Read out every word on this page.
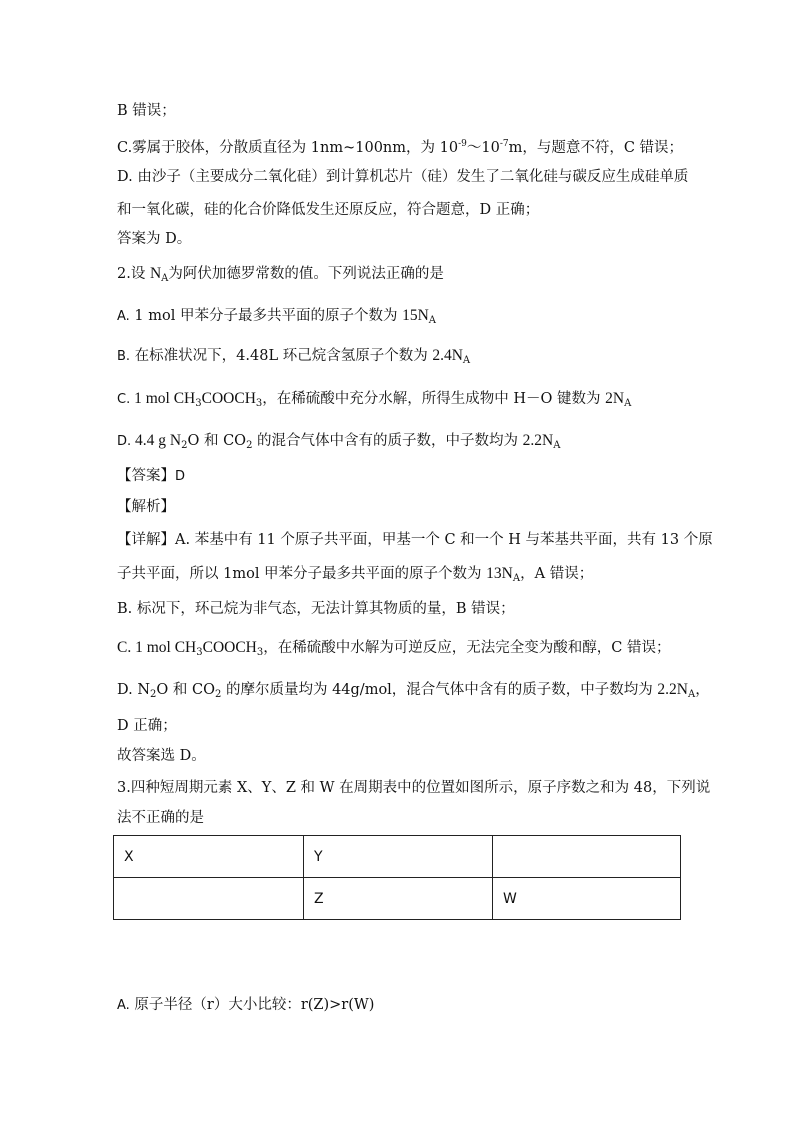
B 错误；
C.雾属于胶体，分散质直径为 1nm~100nm，为 $10^{-9}\sim 10^{-7}m$，与题意不符，C 错误；
D. 由沙子（主要成分二氧化硅）到计算机芯片（硅）发生了二氧化硅与碳反应生成硅单质
和一氧化碳，硅的化合价降低发生还原反应，符合题意，D 正确；
答案为 D。
2.设 $N_A$为阿伏加德罗常数的值。下列说法正确的是
A. 1 mol 甲苯分子最多共平面的原子个数为 $15N_A$
B. 在标准状况下，4.48L 环己烷含氢原子个数为 $2.4N_A$
C. 1 mol $CH_3COOCH_3$，在稀硫酸中充分水解，所得生成物中 H－O 键数为 $2N_A$
D. 4.4 g $N_2O$ 和 $CO_2$ 的混合气体中含有的质子数，中子数均为 $2.2N_A$
【答案】D
【解析】
【详解】A. 苯基中有 11 个原子共平面，甲基一个 C 和一个 H 与苯基共平面，共有 13 个原
子共平面，所以 1mol 甲苯分子最多共平面的原子个数为 $13N_A$，A 错误；
B. 标况下，环己烷为非气态，无法计算其物质的量，B 错误；
C. 1 mol $CH_3COOCH_3$，在稀硫酸中水解为可逆反应，无法完全变为酸和醇，C 错误；
D. $N_2O$ 和 $CO_2$ 的摩尔质量均为 44g/mol，混合气体中含有的质子数，中子数均为 $2.2N_A$，
D 正确；
故答案选 D。
3.四种短周期元素 X、Y、Z 和 W 在周期表中的位置如图所示，原子序数之和为 48，下列说
法不正确的是
X	Y	
	Z	W
A. 原子半径（r）大小比较：r(Z)>r(W)
